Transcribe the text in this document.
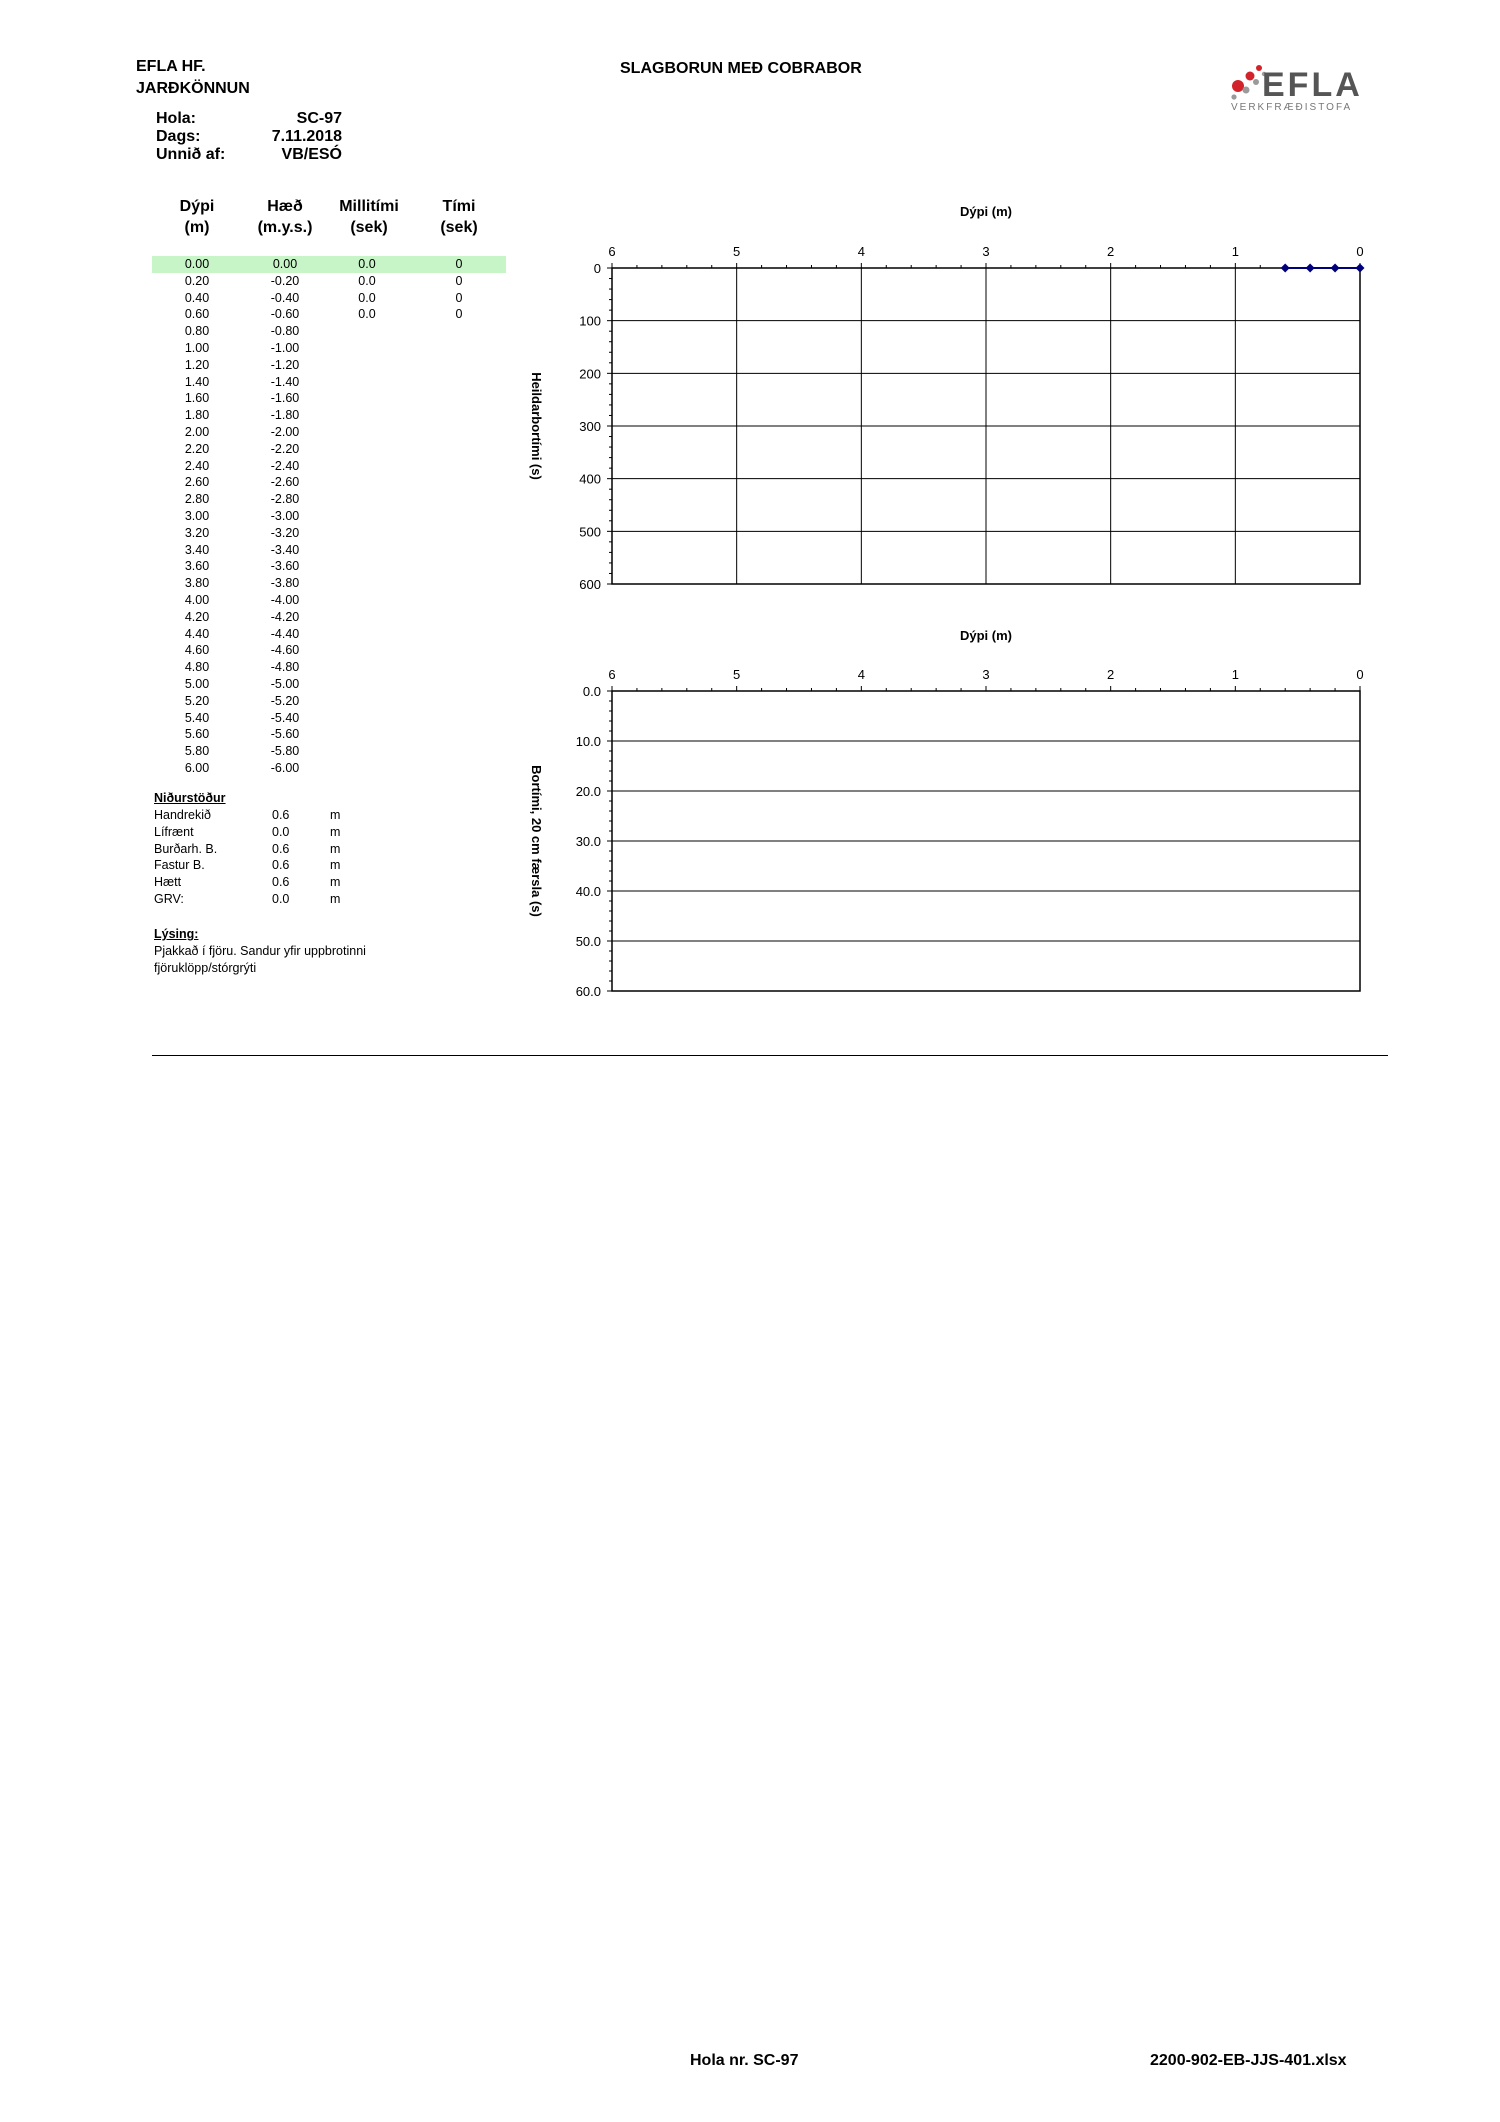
EFLA HF.
JARÐKÖNNUN
SLAGBORUN MEÐ COBRABOR	EFLA
VERKFRÆÐISTOFA
Hola:	SC-97
Dags:	7.11.2018
Unnið af:	VB/ESÓ
Dýpi
(m)
Hæð
(m.y.s.)
Millitími
(sek)
Tími
(sek)
0.00	0.00	0.0	0
0.20	-0.20	0.0	0
0.40	-0.40	0.0	0
0.60	-0.60	0.0	0
0.80	-0.80
1.00	-1.00
1.20	-1.20
1.40	-1.40
1.60	-1.60
1.80	-1.80
2.00	-2.00
2.20	-2.20
2.40	-2.40
2.60	-2.60
2.80	-2.80
3.00	-3.00
3.20	-3.20
3.40	-3.40
3.60	-3.60
3.80	-3.80
4.00	-4.00
4.20	-4.20
4.40	-4.40
4.60	-4.60
4.80	-4.80
5.00	-5.00
5.20	-5.20
5.40	-5.40
5.60	-5.60
5.80	-5.80
6.00	-6.00
Niðurstöður
Handrekið	0.6	m
Lífrænt	0.0	m
Burðarh. B.	0.6	m
Fastur B.	0.6	m
Hætt	0.6	m
GRV:	0.0	m
Lýsing:
Pjakkað í fjöru. Sandur yfir uppbrotinni
fjöruklöpp/stórgrýti
0
100
200
300
400
500
600
6	5	4	3	2	1	0
Dýpi (m)
Heildarbortími (s)
0.0
10.0
20.0
30.0
40.0
50.0
60.0
6	5	4	3	2	1	0
Dýpi (m)
Bortími, 20 cm færsla (s)
Hola nr. SC-97	2200-902-EB-JJS-401.xlsx
